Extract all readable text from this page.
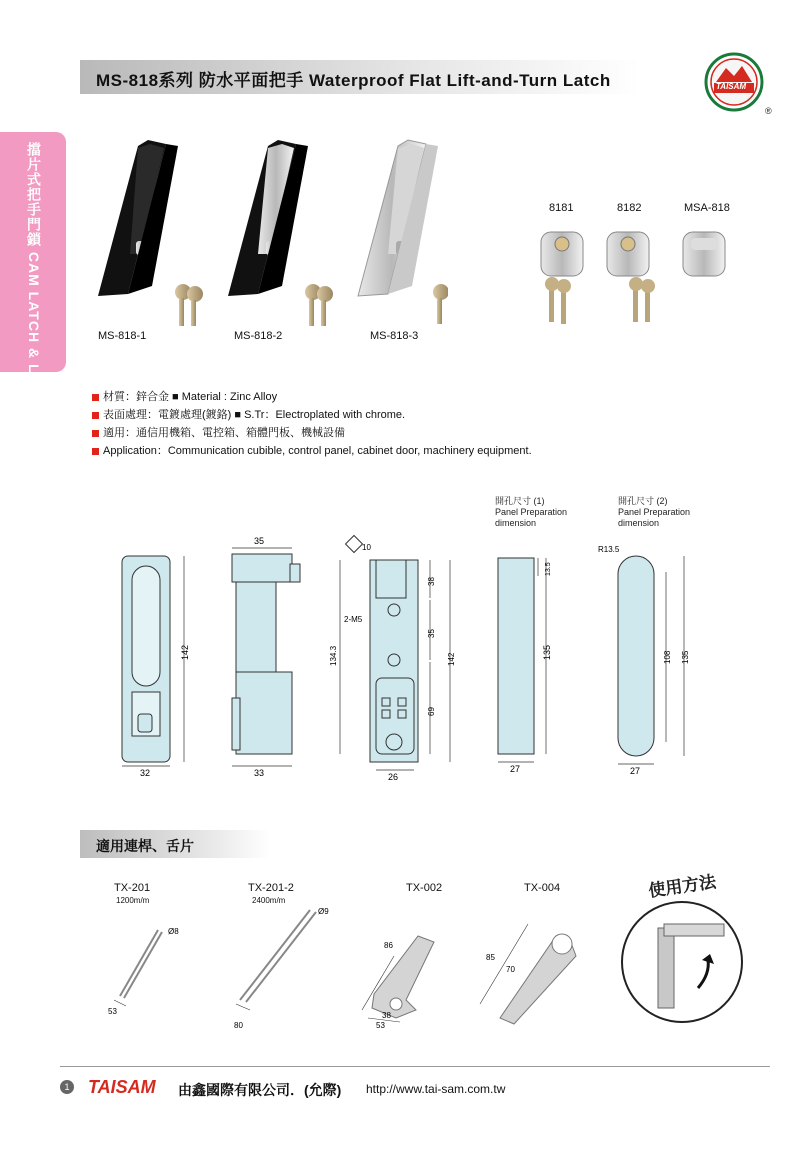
MS-818系列 防水平面把手 Waterproof Flat Lift-and-Turn Latch	TAISAM
®
擋片式把手門鎖 CAM LATCH & LOCK	MS-818-1	MS-818-2	MS-818-3
8181	8182	MSA-818
材質：鋅合金 ■ Material : Zinc Alloy
表面處理：電鍍處理(鍍鉻) ■ S.Tr：Electroplated with chrome.
適用：通信用機箱、電控箱、箱體門板、機械設備
Application：Communication cubible, control panel, cabinet door, machinery equipment.
開孔尺寸 (1)
Panel Preparation
dimension
開孔尺寸 (2)
Panel Preparation
dimension
32
142
35
33
10
2-M5
134.3
38
35
69
142
26
13.5
135
27
R13.5
108 135
27
適用連桿、舌片
TX-201
1200m/m
TX-201-2
2400m/m
TX-002	TX-004
Ø8
53
Ø9
80
86
38
53
85
70
使用方法
1 TAISAM 由鑫國際有限公司．(允際) http://www.tai-sam.com.tw
